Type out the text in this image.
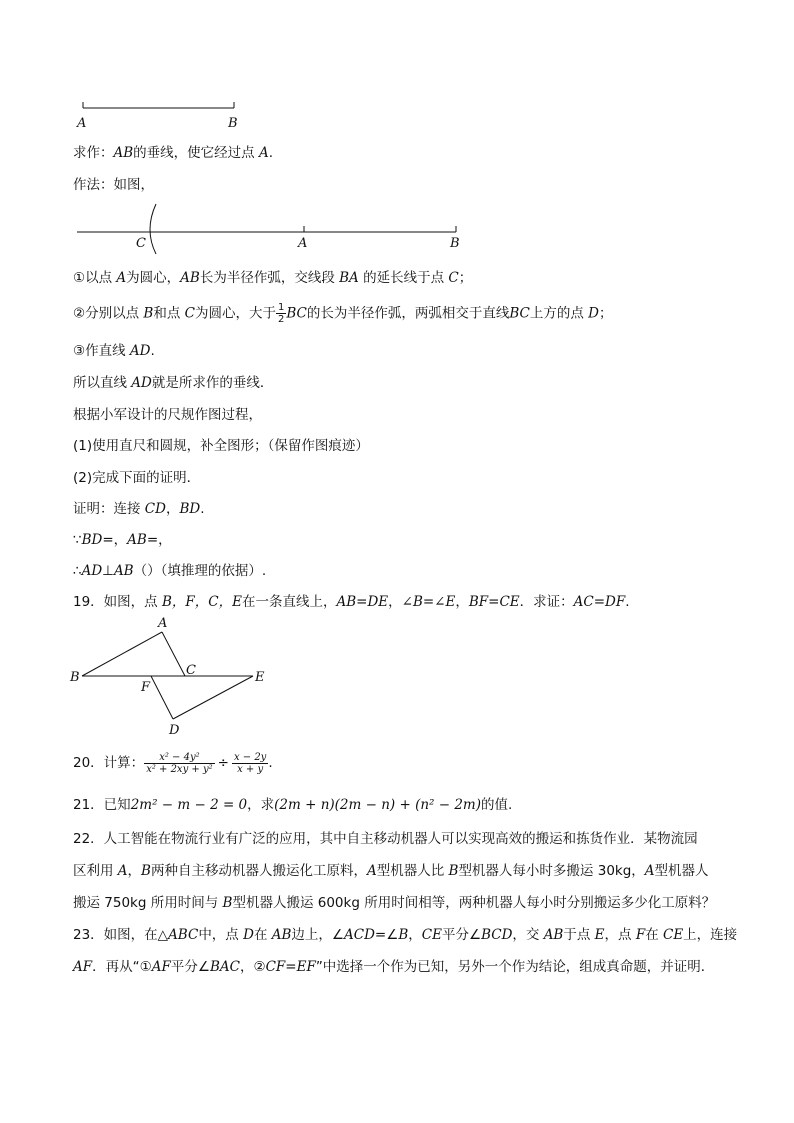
A	B
求作：AB的垂线，使它经过点 A.
作法：如图，
C	A	B
①以点 A为圆心，AB长为半径作弧，交线段 BA 的延长线于点 C；
②分别以点 B和点 C为圆心，大于 $\frac{1}{2}$ BC的长为半径作弧，两弧相交于直线BC上方的点 D；
③作直线 AD.
所以直线 AD就是所求作的垂线．
根据小军设计的尺规作图过程，
(1)使用直尺和圆规，补全图形；（保留作图痕迹）
(2)完成下面的证明．
证明：连接 CD，BD.
∵BD=，AB=，
∴AD⊥AB（）（填推理的依据）.
19．如图，点 B，F，C，E在一条直线上，AB=DE，∠B=∠E，BF=CE．求证：AC=DF.
A
B	C
D
E
F
20．计算： $\frac{\text{x² − 4y²}}{\text{x² + 2xy + y²}} \div \frac{x - 2y}{x + y}$ .
21．已知2m² − m − 2 = 0，求(2m + n)(2m − n) + (n² − 2m)的值.
22．人工智能在物流行业有广泛的应用，其中自主移动机器人可以实现高效的搬运和拣货作业．某物流园
区利用 A，B两种自主移动机器人搬运化工原料，A型机器人比 B型机器人每小时多搬运 30kg，A型机器人
搬运 750kg 所用时间与 B型机器人搬运 600kg 所用时间相等，两种机器人每小时分别搬运多少化工原料？
23．如图，在△ABC中，点 D在 AB边上，∠ACD=∠B，CE平分∠BCD，交 AB于点 E，点 F在 CE上，连接
AF．再从“①AF平分∠BAC，②CF=EF”中选择一个作为已知，另外一个作为结论，组成真命题，并证明．
